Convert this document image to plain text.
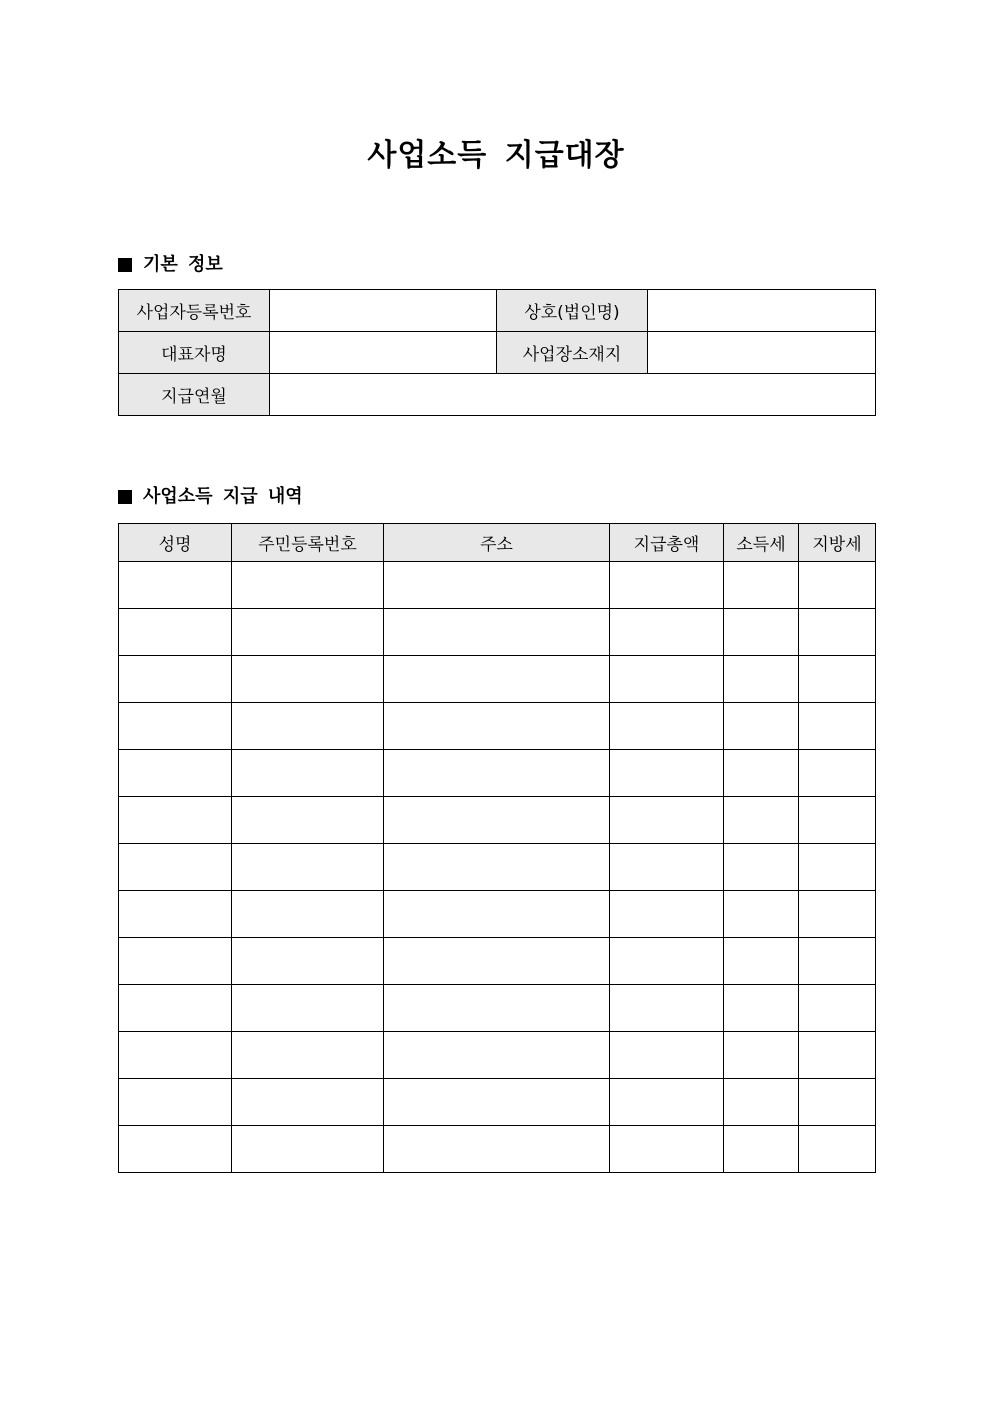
사업소득 지급대장
기본 정보
사업자등록번호		상호(법인명)	
대표자명		사업장소재지	
지급연월			
사업소득 지급 내역
성명	주민등록번호	주소	지급총액	소득세	지방세
